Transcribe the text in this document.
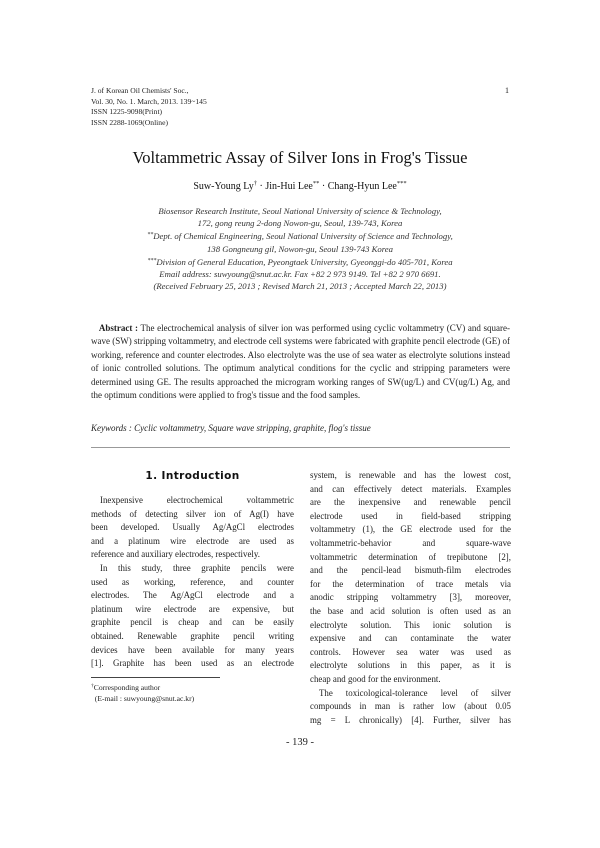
J. of Korean Oil Chemists' Soc.,
Vol. 30, No. 1. March, 2013. 139~145
ISSN 1225-9098(Print)
ISSN 2288-1069(Online)
1
Voltammetric Assay of Silver Ions in Frog's Tissue
Suw-Young Ly† · Jin-Hui Lee** · Chang-Hyun Lee***
Biosensor Research Institute, Seoul National University of science & Technology,
172, gong reung 2-dong Nowon-gu, Seoul, 139-743, Korea
**Dept. of Chemical Engineering, Seoul National University of Science and Technology,
138 Gongneung gil, Nowon-gu, Seoul 139-743 Korea
***Division of General Education, Pyeongtaek University, Gyeonggi-do 405-701, Korea
Email address: suwyoung@snut.ac.kr. Fax +82 2 973 9149. Tel +82 2 970 6691.
(Received February 25, 2013 ; Revised March 21, 2013 ; Accepted March 22, 2013)
Abstract : The electrochemical analysis of silver ion was performed using cyclic voltammetry (CV) and square-wave (SW) stripping voltammetry, and electrode cell systems were fabricated with graphite pencil electrode (GE) of working, reference and counter electrodes. Also electrolyte was the use of sea water as electrolyte solutions instead of ionic controlled solutions. The optimum analytical conditions for the cyclic and stripping parameters were determined using GE. The results approached the microgram working ranges of SW(ug/L) and CV(ug/L) Ag, and the optimum conditions were applied to frog's tissue and the food samples.
Keywords : Cyclic voltammetry, Square wave stripping, graphite, flog's tissue
1. Introduction
Inexpensive electrochemical voltammetric
methods of detecting silver ion of Ag(I) have
been developed. Usually Ag/AgCl electrodes
and a platinum wire electrode are used as
reference and auxiliary electrodes, respectively.
In this study, three graphite pencils were
used as working, reference, and counter
electrodes. The Ag/AgCl electrode and a
platinum wire electrode are expensive, but
graphite pencil is cheap and can be easily
obtained. Renewable graphite pencil writing
devices have been available for many years
[1]. Graphite has been used as an electrode
system, is renewable and has the lowest cost,
and can effectively detect materials. Examples
are the inexpensive and renewable pencil
electrode used in field-based stripping
voltammetry (1), the GE electrode used for the
voltammetric-behavior and square-wave
voltammetric determination of trepibutone [2],
and the pencil-lead bismuth-film electrodes
for the determination of trace metals via
anodic stripping voltammetry [3], moreover,
the base and acid solution is often used as an
electrolyte solution. This ionic solution is
expensive and can contaminate the water
controls. However sea water was used as
electrolyte solutions in this paper, as it is
cheap and good for the environment.
The toxicological-tolerance level of silver
compounds in man is rather low (about 0.05
mg = L chronically) [4]. Further, silver has
†Corresponding author
(E-mail : suwyoung@snut.ac.kr)
- 139 -
